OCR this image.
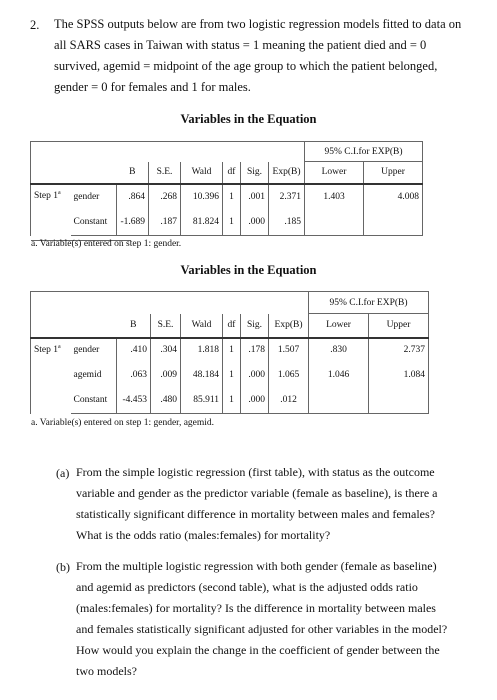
2. The SPSS outputs below are from two logistic regression models fitted to data on
all SARS cases in Taiwan with status = 1 meaning the patient died and = 0
survived, agemid = midpoint of the age group to which the patient belonged,
gender = 0 for females and 1 for males.
Variables in the Equation
								95% C.I.for EXP(B)	
		B	S.E.	Wald	df	Sig.	Exp(B)	Lower	Upper
Step 1$^a$	gender	.864	.268	10.396	1	.001	2.371	1.403	4.008
	Constant	-1.689	.187	81.824	1	.000	.185		
a. Variable(s) entered on step 1: gender.
Variables in the Equation
								95% C.I.for EXP(B)	
		B	S.E.	Wald	df	Sig.	Exp(B)	Lower	Upper
Step 1$^a$	gender	.410	.304	1.818	1	.178	1.507	.830	2.737
	agemid	.063	.009	48.184	1	.000	1.065	1.046	1.084
	Constant	-4.453	.480	85.911	1	.000	.012		
a. Variable(s) entered on step 1: gender, agemid.
(a) From the simple logistic regression (first table), with status as the outcome
variable and gender as the predictor variable (female as baseline), is there a
statistically significant difference in mortality between males and females?
What is the odds ratio (males:females) for mortality?
(b) From the multiple logistic regression with both gender (female as baseline)
and agemid as predictors (second table), what is the adjusted odds ratio
(males:females) for mortality? Is the difference in mortality between males
and females statistically significant adjusted for other variables in the model?
How would you explain the change in the coefficient of gender between the
two models?
